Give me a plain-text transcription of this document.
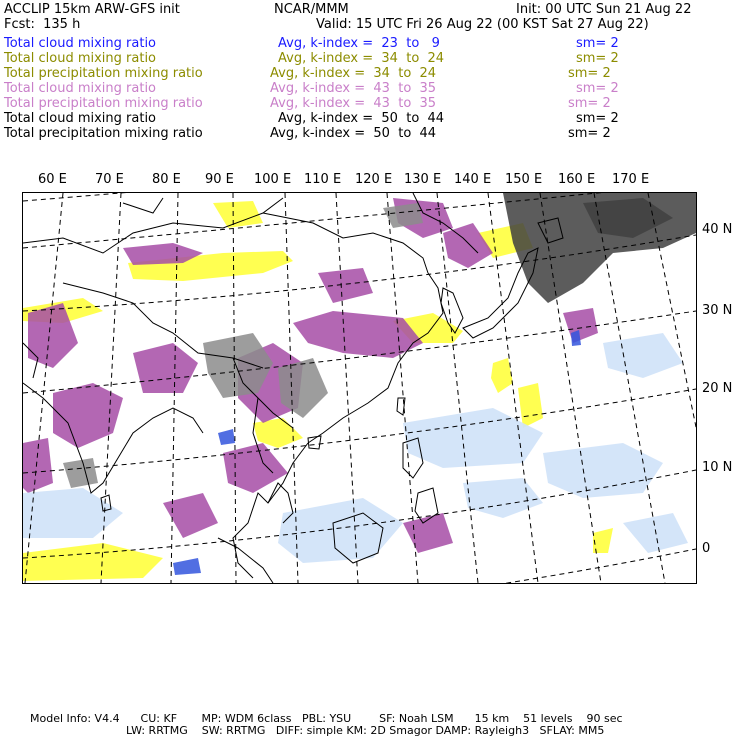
ACCLIP 15km ARW-GFS init	NCAR/MMM	Init: 00 UTC Sun 21 Aug 22
Fcst:  135 h	Valid: 15 UTC Fri 26 Aug 22 (00 KST Sat 27 Aug 22)
Total cloud mixing ratio	Avg, k-index =  23  to   9	sm= 2
Total cloud mixing ratio	Avg, k-index =  34  to  24	sm= 2
Total precipitation mixing ratio	Avg, k-index =  34  to  24	sm= 2
Total cloud mixing ratio	Avg, k-index =  43  to  35	sm= 2
Total precipitation mixing ratio	Avg, k-index =  43  to  35	sm= 2
Total cloud mixing ratio	Avg, k-index =  50  to  44	sm= 2
Total precipitation mixing ratio	Avg, k-index =  50  to  44	sm= 2
60 E 70 E 80 E 90 E 100 E 110 E 120 E 130 E 140 E 150 E 160 E 170 E
40 N
30 N
20 N
10 N
0
Model Info: V4.4      CU: KF       MP: WDM 6class   PBL: YSU        SF: Noah LSM      15 km    51 levels    90 sec
LW: RRTMG    SW: RRTMG   DIFF: simple KM: 2D Smagor DAMP: Rayleigh3   SFLAY: MM5
